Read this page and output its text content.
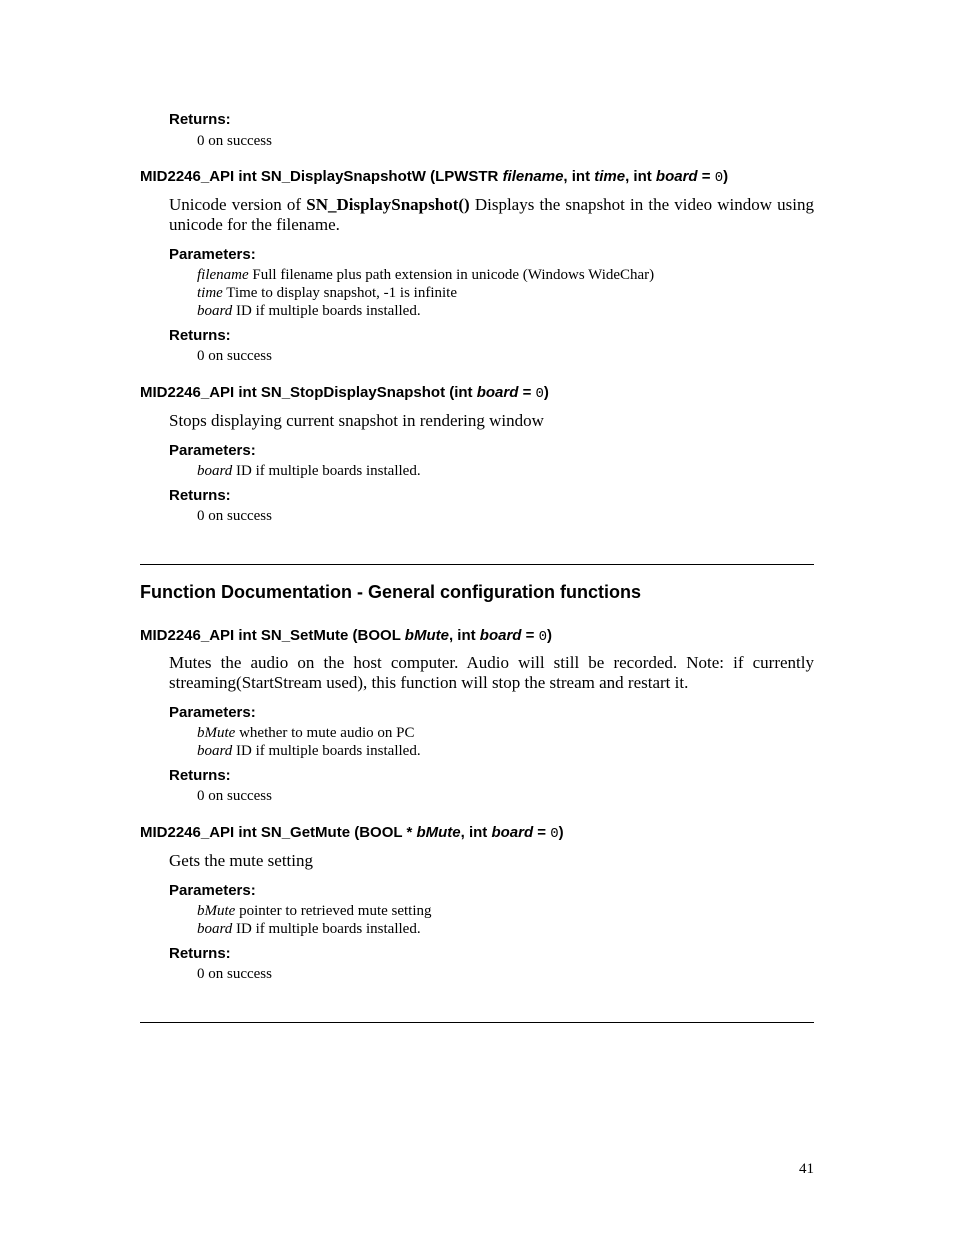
Returns:
0 on success
MID2246_API int SN_DisplaySnapshotW (LPWSTR filename, int time, int board = 0)
Unicode version of SN_DisplaySnapshot() Displays the snapshot in the video window using
unicode for the filename.
Parameters:
filename Full filename plus path extension in unicode (Windows WideChar)
time Time to display snapshot, -1 is infinite
board ID if multiple boards installed.
Returns:
0 on success
MID2246_API int SN_StopDisplaySnapshot (int board = 0)
Stops displaying current snapshot in rendering window
Parameters:
board ID if multiple boards installed.
Returns:
0 on success
Function Documentation - General configuration functions
MID2246_API int SN_SetMute (BOOL bMute, int board = 0)
Mutes the audio on the host computer. Audio will still be recorded. Note: if currently
streaming(StartStream used), this function will stop the stream and restart it.
Parameters:
bMute whether to mute audio on PC
board ID if multiple boards installed.
Returns:
0 on success
MID2246_API int SN_GetMute (BOOL * bMute, int board = 0)
Gets the mute setting
Parameters:
bMute pointer to retrieved mute setting
board ID if multiple boards installed.
Returns:
0 on success
41
